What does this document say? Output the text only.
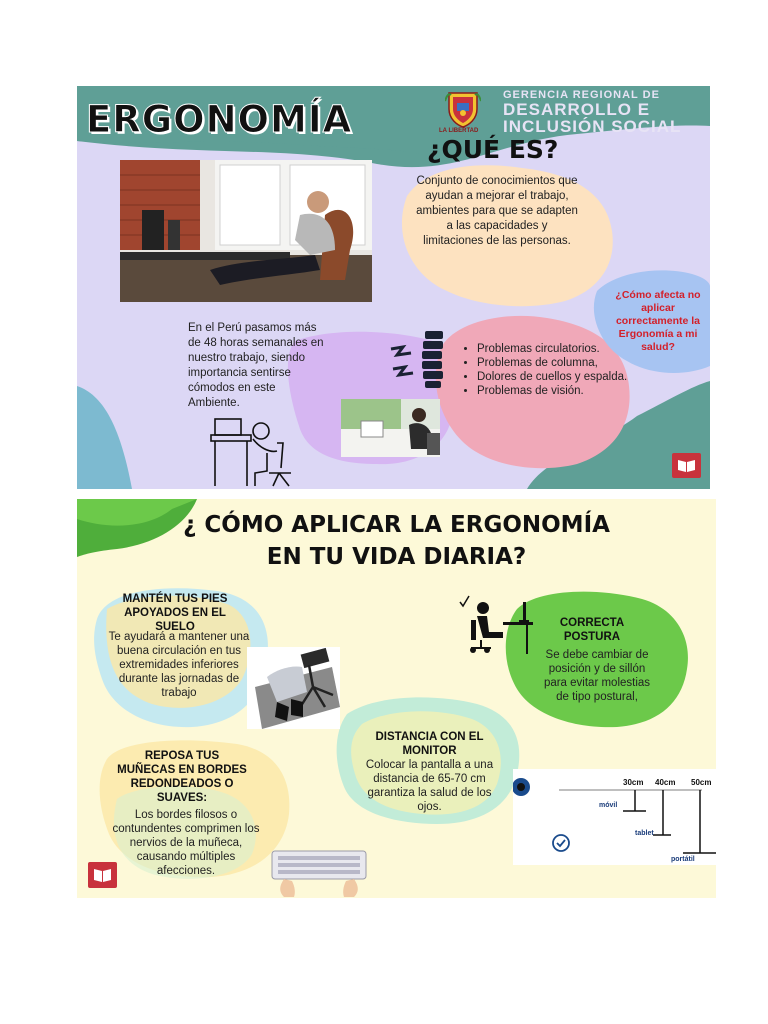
ERGONOMÍA	LA LIBERTAD
GERENCIA REGIONAL DE
DESARROLLO E
INCLUSIÓN SOCIAL
¿QUÉ ES?
Conjunto de conocimientos que ayudan a mejorar el trabajo, ambientes para que se adapten a las capacidades y limitaciones de las personas.
¿Cómo afecta no aplicar correctamente la Ergonomía a mi salud?
En el Perú pasamos más de 48 horas semanales en nuestro trabajo, siendo importancia sentirse cómodos en este Ambiente.
• Problemas circulatorios.
• Problemas de columna,
• Dolores de cuellos y espalda.
• Problemas de visión.
¿ CÓMO APLICAR LA ERGONOMÍA
EN TU VIDA DIARIA?
MANTÉN TUS PIES APOYADOS EN EL SUELO
Te ayudará a mantener una buena circulación en tus extremidades inferiores durante las jornadas de trabajo
CORRECTA POSTURA
Se debe cambiar de posición y de sillón para evitar molestias de tipo postural,
DISTANCIA CON EL MONITOR
Colocar la pantalla a una distancia de 65-70 cm garantiza la salud de los ojos.
REPOSA TUS MUÑECAS EN BORDES REDONDEADOS O SUAVES:
Los bordes filosos o contundentes comprimen los nervios de la muñeca, causando múltiples afecciones.
30cm 40cm 50cm
móvil
tablet
portátil
